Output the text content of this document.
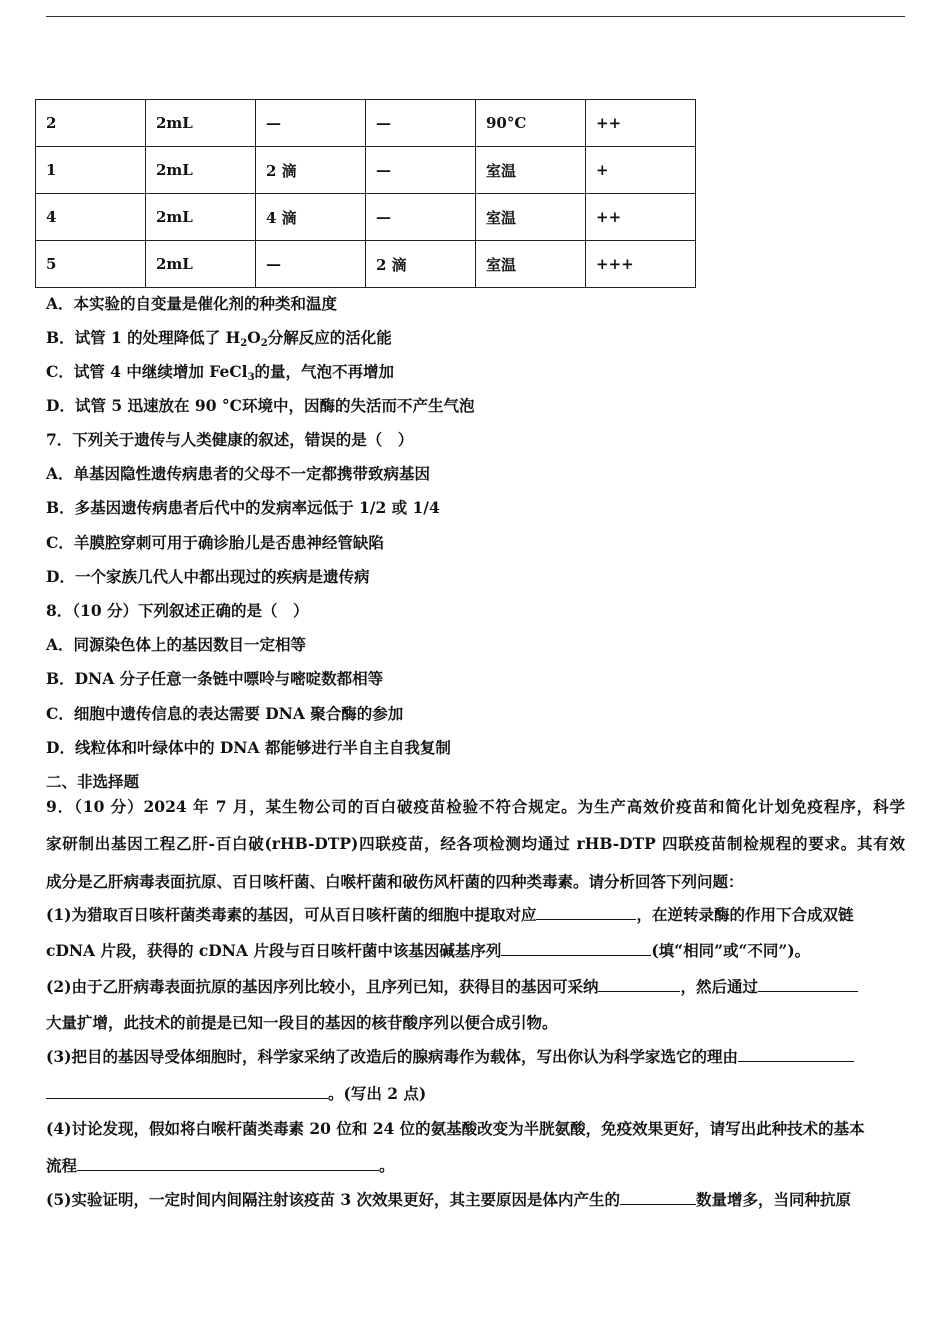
2	2mL	—	—	90°C	++
1	2mL	2 滴	—	室温	+
4	2mL	4 滴	—	室温	++
5	2mL	—	2 滴	室温	+++
A．本实验的自变量是催化剂的种类和温度
B．试管 1 的处理降低了 $H_2O_2$分解反应的活化能
C．试管 4 中继续增加 FeCl$_3$的量，气泡不再增加
D．试管 5 迅速放在 90 °C环境中，因酶的失活而不产生气泡
7．下列关于遗传与人类健康的叙述，错误的是（　）
A．单基因隐性遗传病患者的父母不一定都携带致病基因
B．多基因遗传病患者后代中的发病率远低于 1/2 或 1/4
C．羊膜腔穿刺可用于确诊胎儿是否患神经管缺陷
D．一个家族几代人中都出现过的疾病是遗传病
8．（10 分）下列叙述正确的是（　）
A．同源染色体上的基因数目一定相等
B．DNA 分子任意一条链中嘌呤与嘧啶数都相等
C．细胞中遗传信息的表达需要 DNA 聚合酶的参加
D．线粒体和叶绿体中的 DNA 都能够进行半自主自我复制
二、非选择题
9．（10 分）2024 年 7 月，某生物公司的百白破疫苗检验不符合规定。为生产高效价疫苗和简化计划免疫程序，科学
家研制出基因工程乙肝-百白破(rHB-DTP)四联疫苗，经各项检测均通过 rHB-DTP 四联疫苗制检规程的要求。其有效
成分是乙肝病毒表面抗原、百日咳杆菌、白喉杆菌和破伤风杆菌的四种类毒素。请分析回答下列问题：
(1)为猎取百日咳杆菌类毒素的基因，可从百日咳杆菌的细胞中提取对应	，在逆转录酶的作用下合成双链
cDNA 片段，获得的 cDNA 片段与百日咳杆菌中该基因碱基序列	(填“相同”或“不同”)。
(2)由于乙肝病毒表面抗原的基因序列比较小，且序列已知，获得目的基因可采纳	，然后通过
大量扩增，此技术的前提是已知一段目的基因的核苷酸序列以便合成引物。
(3)把目的基因导受体细胞时，科学家采纳了改造后的腺病毒作为载体，写出你认为科学家选它的理由
。(写出 2 点)
(4)讨论发现，假如将白喉杆菌类毒素 20 位和 24 位的氨基酸改变为半胱氨酸，免疫效果更好，请写出此种技术的基本
流程	。
(5)实验证明，一定时间内间隔注射该疫苗 3 次效果更好，其主要原因是体内产生的	数量增多，当同种抗原
